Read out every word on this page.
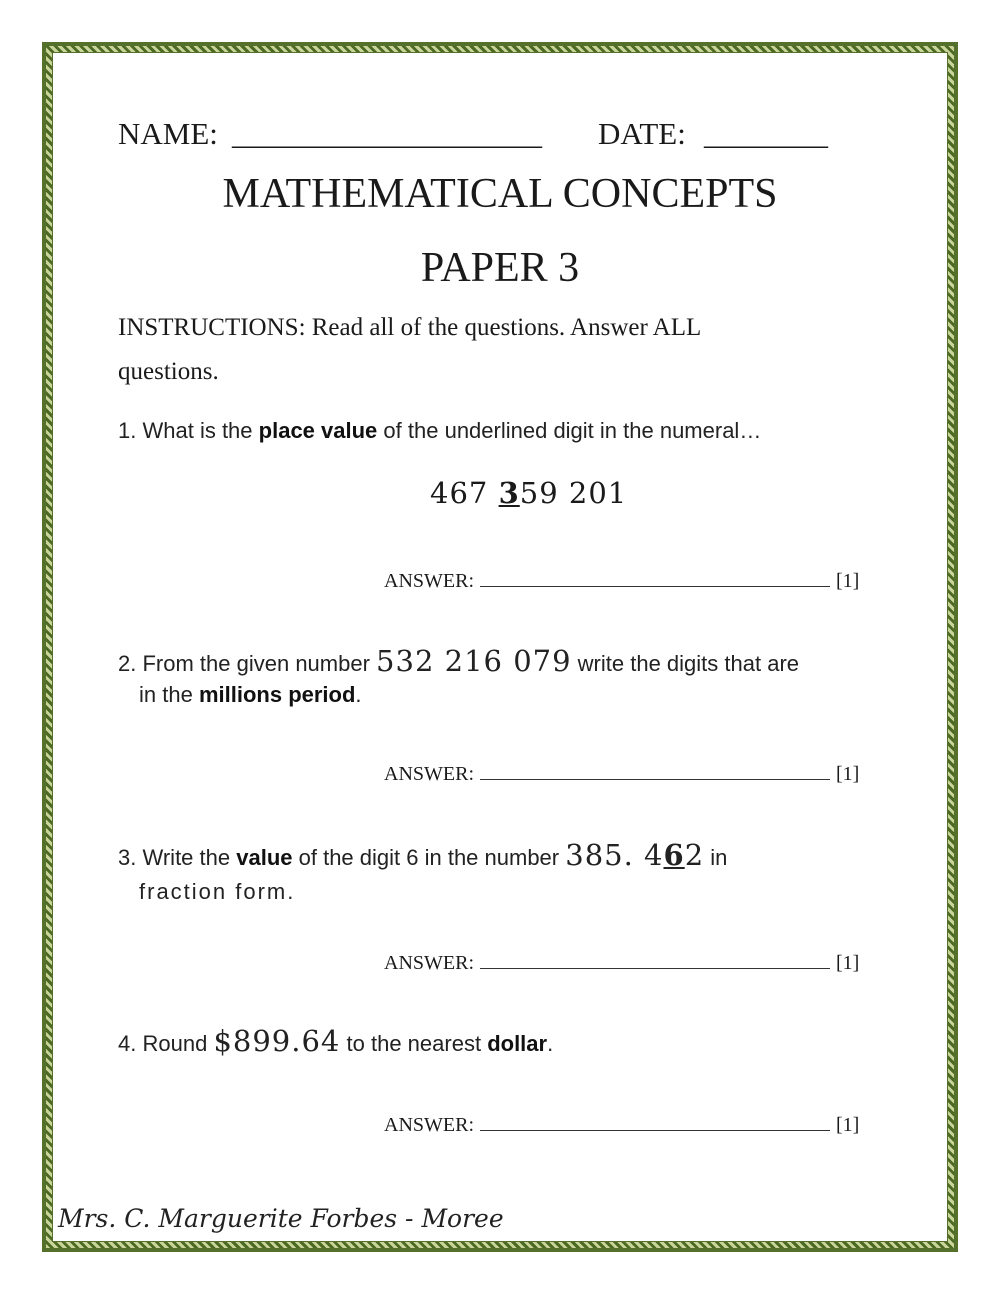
NAME: ____________________ DATE: ________
MATHEMATICAL CONCEPTS
PAPER 3
INSTRUCTIONS: Read all of the questions. Answer ALL
questions.
1. What is the place value of the underlined digit in the numeral…
467 359 201
ANSWER:	[1]
2. From the given number 532 216 079 write the digits that are
in the millions period.
ANSWER:	[1]
3. Write the value of the digit 6 in the number 385. 462 in
fraction form.
ANSWER:	[1]
4. Round $899.64 to the nearest dollar.
ANSWER:	[1]
Mrs. C. Marguerite Forbes - Moree
